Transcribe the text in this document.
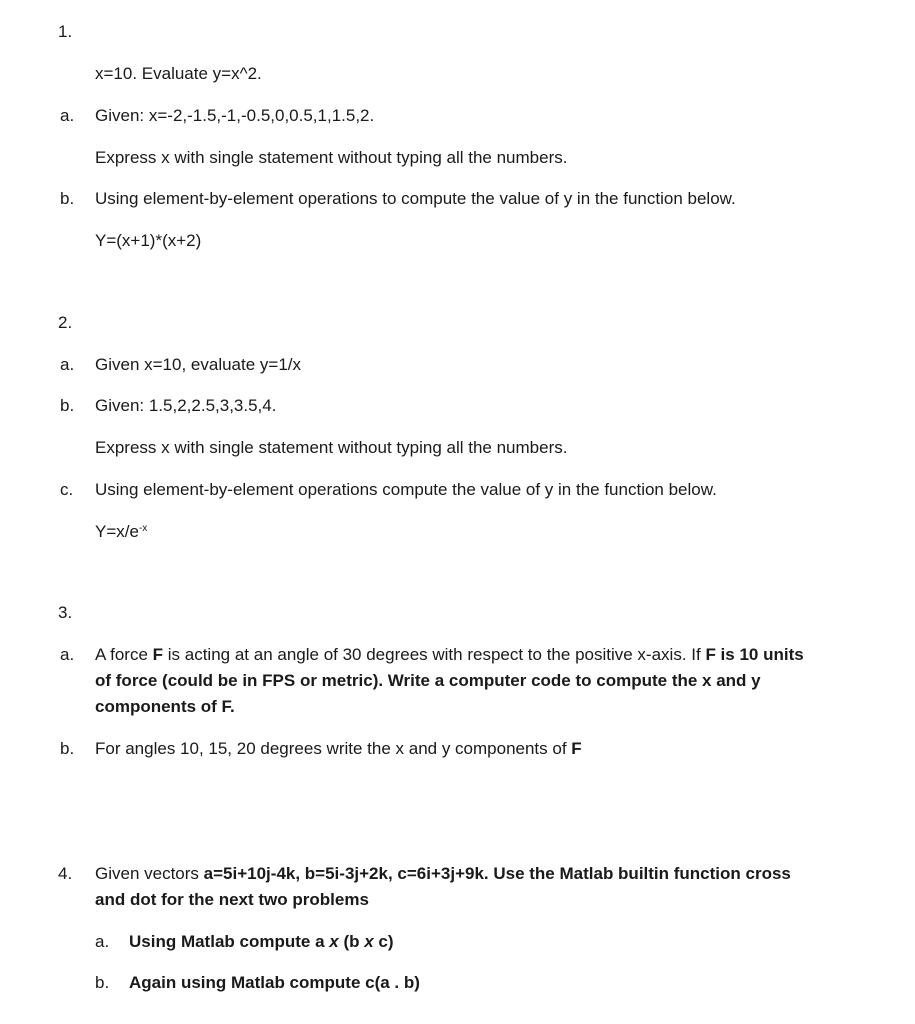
1.
x=10. Evaluate y=x^2.
a. Given: x=-2,-1.5,-1,-0.5,0,0.5,1,1.5,2.
Express x with single statement without typing all the numbers.
b. Using element-by-element operations to compute the value of y in the function below.
Y=(x+1)*(x+2)
2.
a. Given x=10, evaluate y=1/x
b. Given: 1.5,2,2.5,3,3.5,4.
Express x with single statement without typing all the numbers.
c. Using element-by-element operations compute the value of y in the function below.
$Y=x/e^{-x}$
3.
a. A force F is acting at an angle of 30 degrees with respect to the positive x-axis. If F is 10 units
of force (could be in FPS or metric). Write a computer code to compute the x and y
components of F.
b. For angles 10, 15, 20 degrees write the x and y components of F
4. Given vectors a=5i+10j-4k, b=5i-3j+2k, c=6i+3j+9k. Use the Matlab builtin function cross
and dot for the next two problems
a. Using Matlab compute a x (b x c)
b. Again using Matlab compute c(a . b)
